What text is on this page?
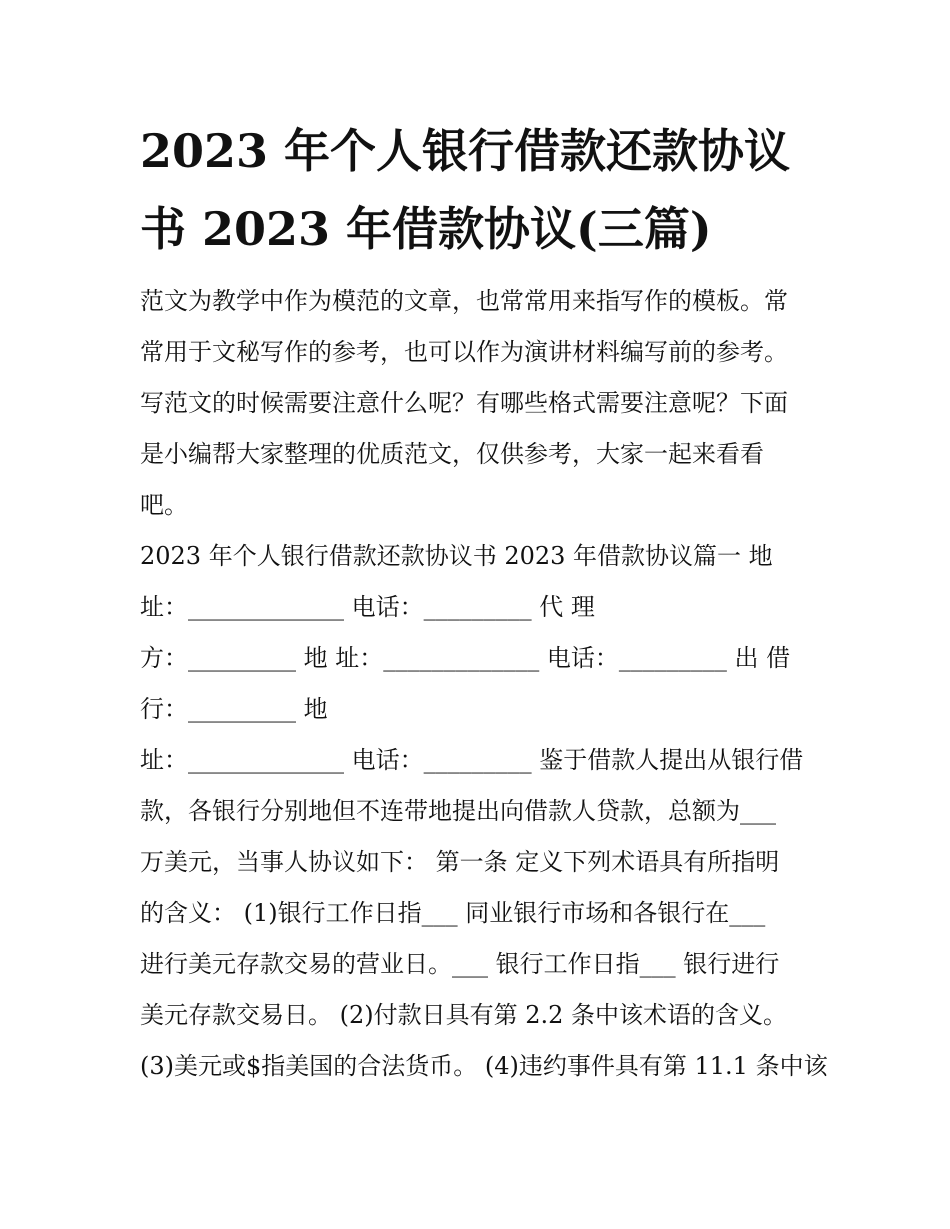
2023 年个人银行借款还款协议
书 2023 年借款协议(三篇)
范文为教学中作为模范的文章，也常常用来指写作的模板。常
常用于文秘写作的参考，也可以作为演讲材料编写前的参考。
写范文的时候需要注意什么呢？有哪些格式需要注意呢？下面
是小编帮大家整理的优质范文，仅供参考，大家一起来看看
吧。
2023 年个人银行借款还款协议书 2023 年借款协议篇一 地
址：_____________ 电话：_________ 代 理
方：_________ 地 址：_____________ 电话：_________ 出 借
行：_________ 地
址：_____________ 电话：_________ 鉴于借款人提出从银行借
款，各银行分别地但不连带地提出向借款人贷款，总额为___
万美元，当事人协议如下： 第一条 定义下列术语具有所指明
的含义： (1)银行工作日指___ 同业银行市场和各银行在___
进行美元存款交易的营业日。___ 银行工作日指___ 银行进行
美元存款交易日。 (2)付款日具有第 2.2 条中该术语的含义。
(3)美元或$指美国的合法货币。 (4)违约事件具有第 11.1 条中该
